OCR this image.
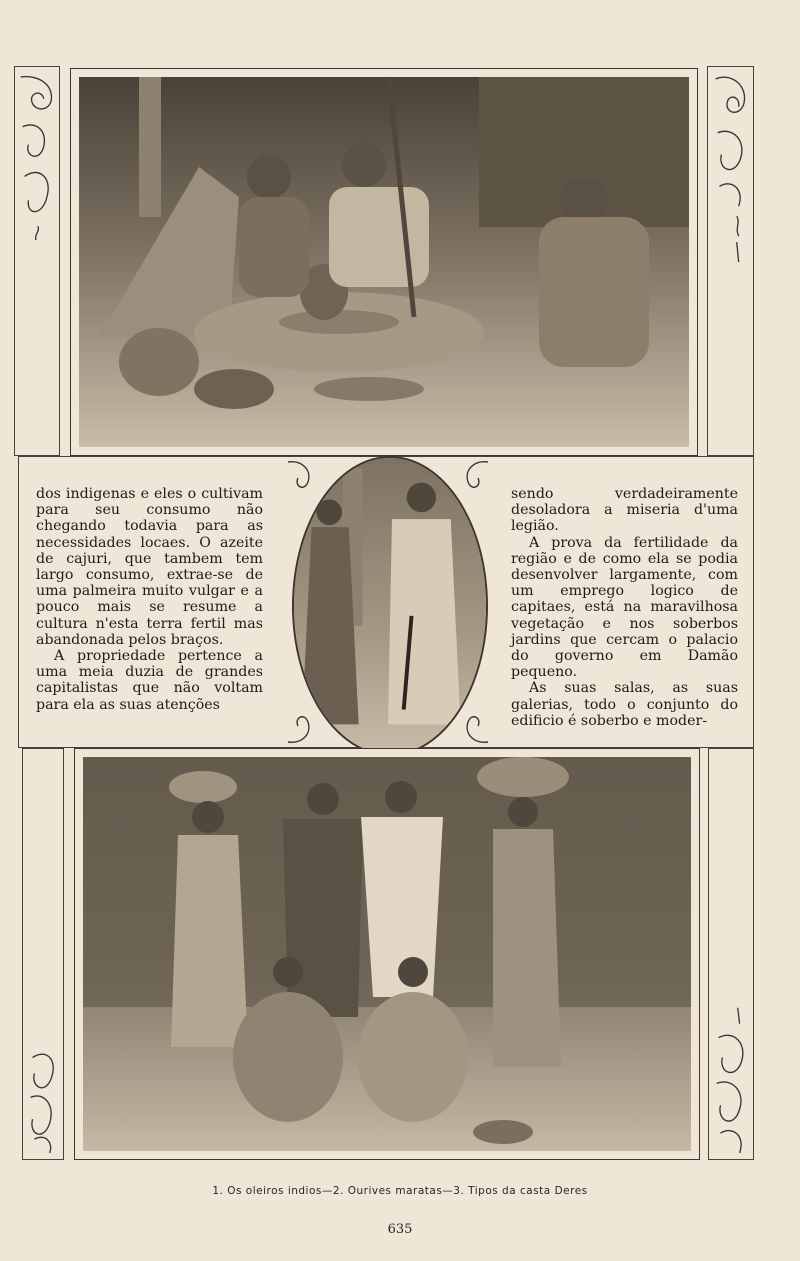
dos indigenas e eles o cultivam para seu consumo não chegando todavia para as necessidades locaes. O azeite de cajuri, que tambem tem largo consumo, extrae-se de uma palmeira muito vulgar e a pouco mais se resume a cultura n'esta terra fertil mas abandonada pelos braços.

A propriedade pertence a uma meia duzia de grandes capitalistas que não voltam para ela as suas atenções

sendo verdadeiramente desoladora a miseria d'uma legião.

A prova da fertilidade da região e de como ela se podia desenvolver largamente, com um emprego logico de capitaes, está na maravilhosa vegetação e nos soberbos jardins que cercam o palacio do governo em Damão pequeno.

As suas salas, as suas galerias, todo o conjunto do edificio é soberbo e moder-

1. Os oleiros indios—2. Ourives maratas—3. Tipos da casta Deres
635
